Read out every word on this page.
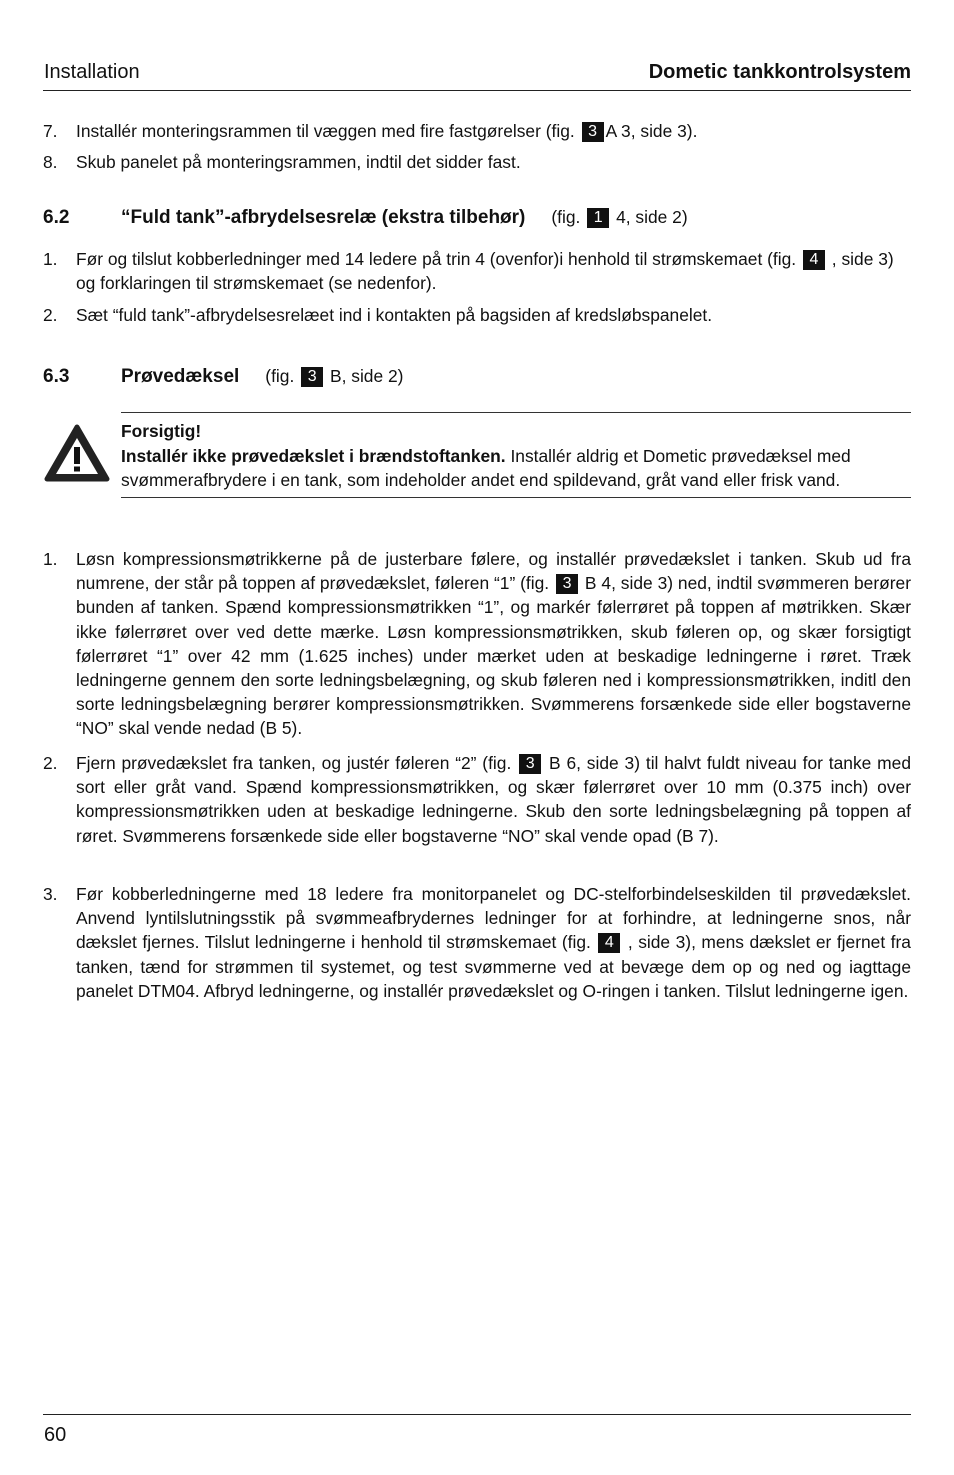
Installation	Dometic tankkontrolsystem
7. Installér monteringsrammen til væggen med fire fastgørelser (fig. 3 A 3, side 3).
8. Skub panelet på monteringsrammen, indtil det sidder fast.
6.2	“Fuld tank”-afbrydelsesrelæ (ekstra tilbehør) (fig. 1 4, side 2)
1. Før og tilslut kobberledninger med 14 ledere på trin 4 (ovenfor)i henhold til strømskemaet (fig. 4 , side 3) og forklaringen til strømskemaet (se nedenfor).
2. Sæt “fuld tank”-afbrydelsesrelæet ind i kontakten på bagsiden af kredsløbspanelet.
6.3	Prøvedæksel (fig. 3 B, side 2)
Forsigtig!
Installér ikke prøvedækslet i brændstoftanken. Installér aldrig et Dometic prøvedæksel med svømmerafbrydere i en tank, som indeholder andet end spildevand, gråt vand eller frisk vand.
1. Løsn kompressionsmøtrikkerne på de justerbare følere, og installér prøvedækslet i tanken. Skub ud fra numrene, der står på toppen af prøvedækslet, føleren “1” (fig. 3 B 4, side 3) ned, indtil svømmeren berører bunden af tanken. Spænd kompressionsmøtrikken “1”, og markér følerrøret på toppen af møtrikken. Skær ikke følerrøret over ved dette mærke. Løsn kompressionsmøtrikken, skub føleren op, og skær forsigtigt følerrøret “1” over 42 mm (1.625 inches) under mærket uden at beskadige ledningerne i røret. Træk ledningerne gennem den sorte ledningsbelægning, og skub føleren ned i kompressionsmøtrikken, inditl den sorte ledningsbelægning berører kompressionsmøtrikken. Svømmerens forsænkede side eller bogstaverne “NO” skal vende nedad (B 5).
2. Fjern prøvedækslet fra tanken, og justér føleren “2” (fig. 3 B 6, side 3) til halvt fuldt niveau for tanke med sort eller gråt vand. Spænd kompressionsmøtrikken, og skær følerrøret over 10 mm (0.375 inch) over kompressionsmøtrikken uden at beskadige ledningerne. Skub den sorte ledningsbelægning på toppen af røret. Svømmerens forsænkede side eller bogstaverne “NO” skal vende opad (B 7).
3. Før kobberledningerne med 18 ledere fra monitorpanelet og DC-stelforbindelseskilden til prøvedækslet. Anvend lyntilslutningsstik på svømmeafbrydernes ledninger for at forhindre, at ledningerne snos, når dækslet fjernes. Tilslut ledningerne i henhold til strømskemaet (fig. 4 , side 3), mens dækslet er fjernet fra tanken, tænd for strømmen til systemet, og test svømmerne ved at bevæge dem op og ned og iagttage panelet DTM04. Afbryd ledningerne, og installér prøvedækslet og O-ringen i tanken. Tilslut ledningerne igen.
60
